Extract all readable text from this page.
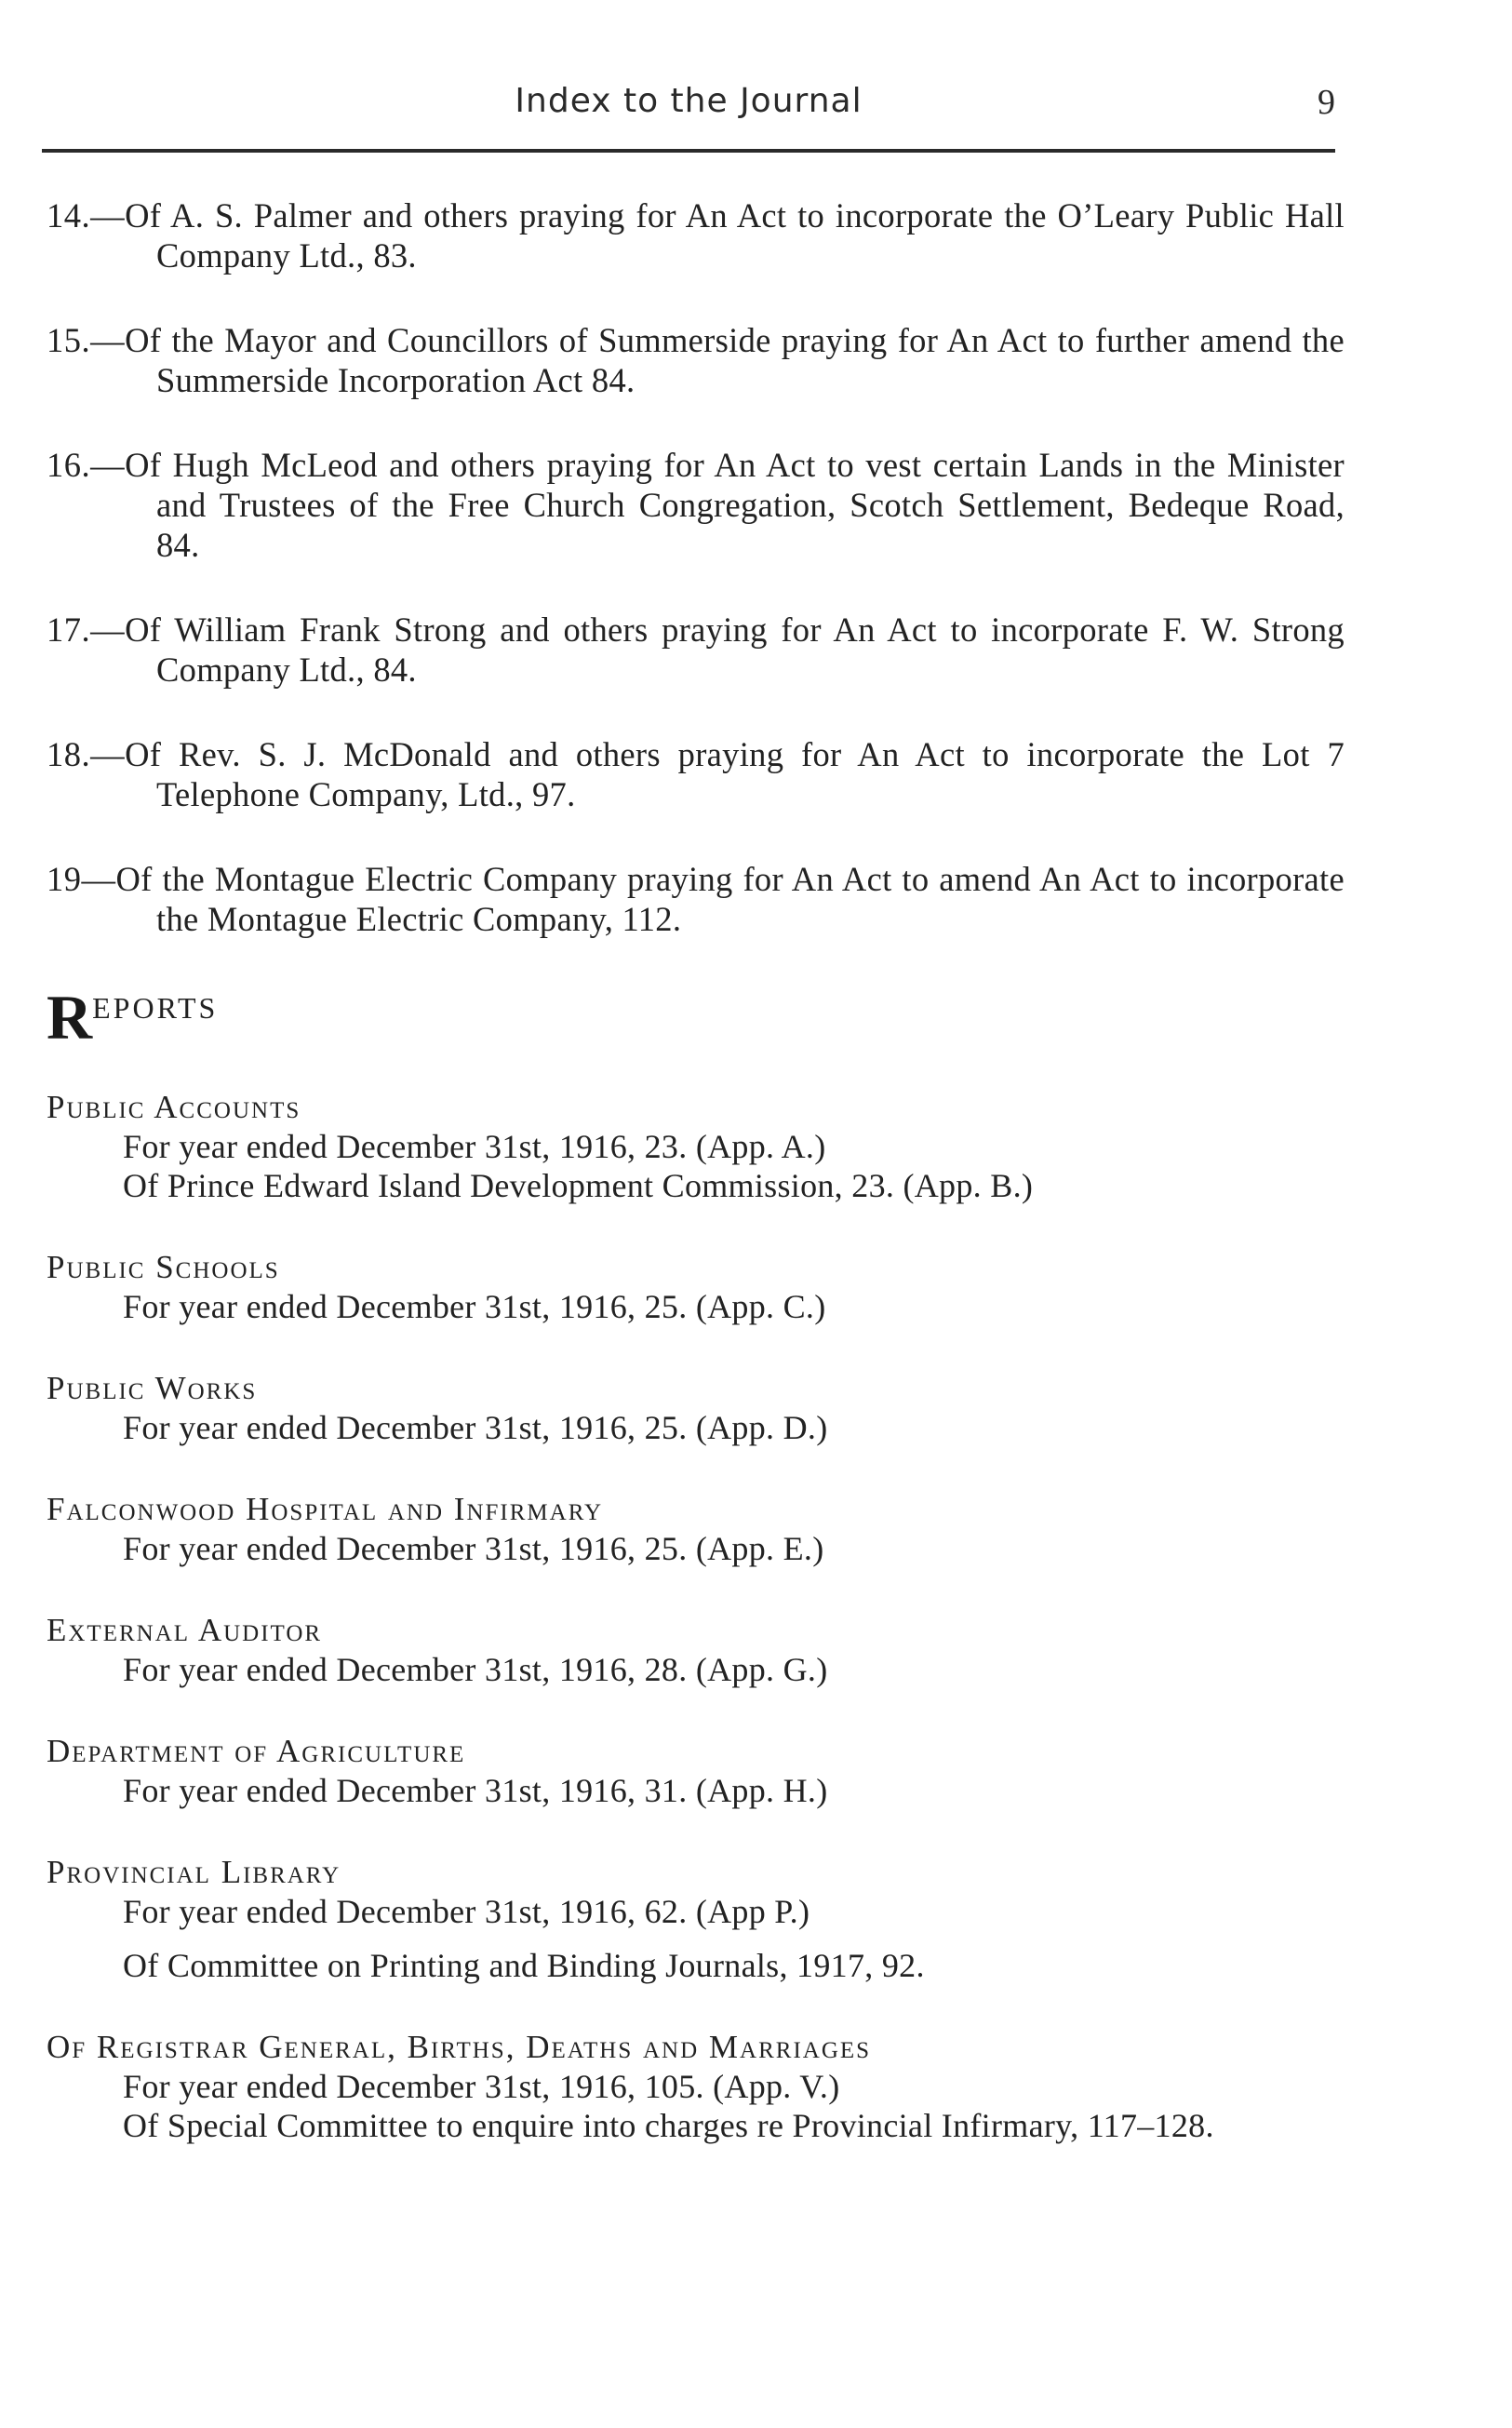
Index to the Journal	9

14.—Of A. S. Palmer and others praying for An Act to incorporate the O’Leary Public Hall Company Ltd., 83.

15.—Of the Mayor and Councillors of Summerside praying for An Act to further amend the Summerside Incorporation Act 84.

16.—Of Hugh McLeod and others praying for An Act to vest certain Lands in the Minister and Trustees of the Free Church Congregation, Scotch Settlement, Bedeque Road, 84.

17.—Of William Frank Strong and others praying for An Act to incorporate F. W. Strong Company Ltd., 84.

18.—Of Rev. S. J. McDonald and others praying for An Act to incorporate the Lot 7 Telephone Company, Ltd., 97.

19—Of the Montague Electric Company praying for An Act to amend An Act to incorporate the Montague Electric Company, 112.

REPORTS
Public Accounts
For year ended December 31st, 1916, 23. (App. A.)
Of Prince Edward Island Development Commission, 23. (App. B.)
Public Schools
For year ended December 31st, 1916, 25. (App. C.)
Public Works
For year ended December 31st, 1916, 25. (App. D.)
Falconwood Hospital and Infirmary
For year ended December 31st, 1916, 25. (App. E.)
External Auditor
For year ended December 31st, 1916, 28. (App. G.)
Department of Agriculture
For year ended December 31st, 1916, 31. (App. H.)
Provincial Library
For year ended December 31st, 1916, 62. (App P.)
Of Committee on Printing and Binding Journals, 1917, 92.
Of Registrar General, Births, Deaths and Marriages
For year ended December 31st, 1916, 105. (App. V.)
Of Special Committee to enquire into charges re Provincial Infirmary, 117–128.
